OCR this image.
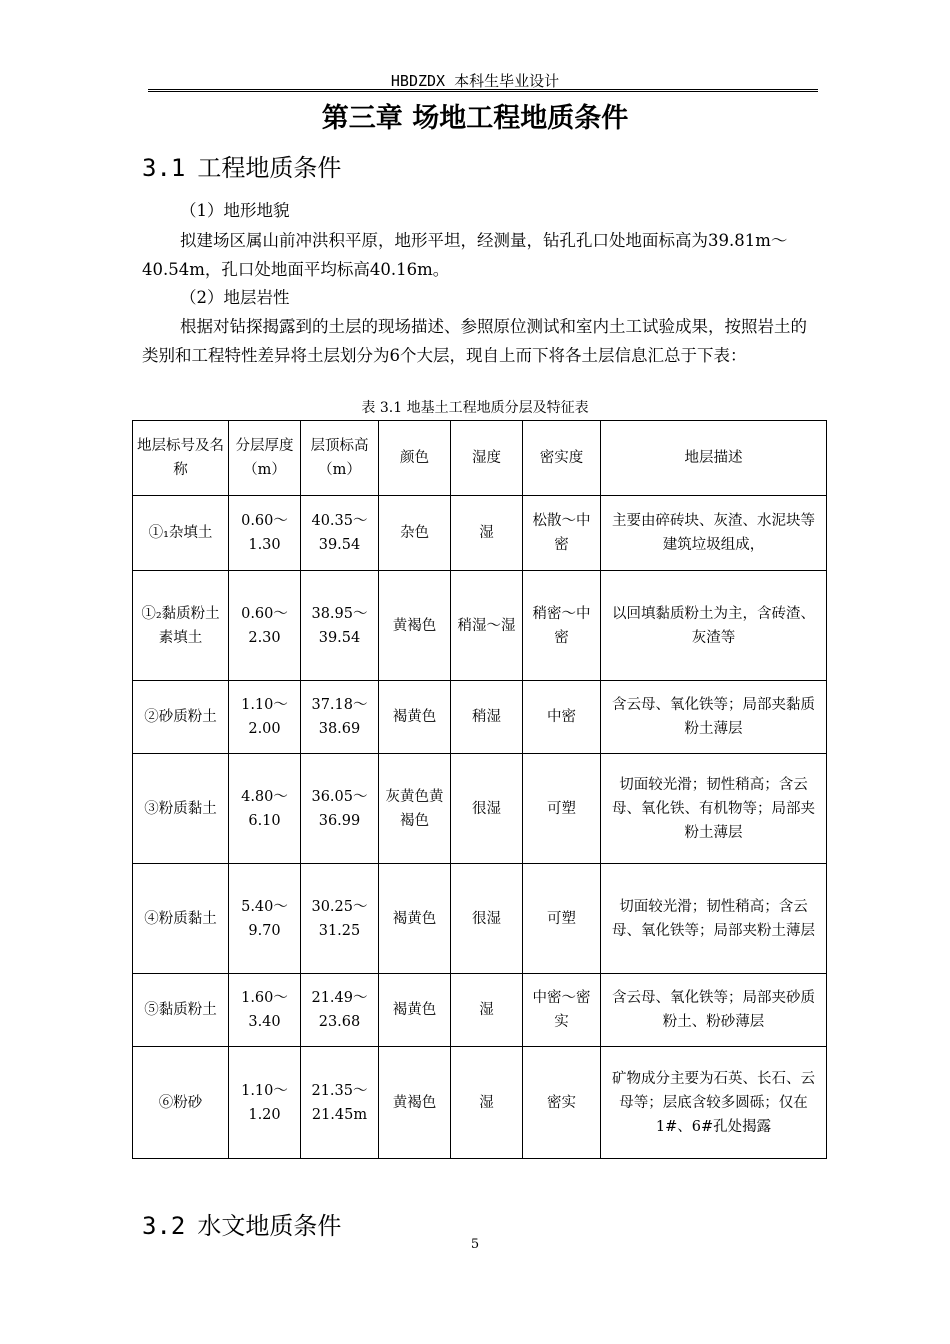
HBDZDX 本科生毕业设计
第三章 场地工程地质条件
3.1 工程地质条件
（1）地形地貌
拟建场区属山前冲洪积平原，地形平坦，经测量，钻孔孔口处地面标高为39.81m～40.54m，孔口处地面平均标高40.16m。
（2）地层岩性
根据对钻探揭露到的土层的现场描述、参照原位测试和室内土工试验成果，按照岩土的类别和工程特性差异将土层划分为6个大层，现自上而下将各土层信息汇总于下表：
表 3.1 地基土工程地质分层及特征表
地层标号及名称	分层厚度（m）	层顶标高（m）	颜色	湿度	密实度	地层描述
①₁杂填土	0.60～1.30	40.35～39.54	杂色	湿	松散～中密	主要由碎砖块、灰渣、水泥块等建筑垃圾组成，
①₂黏质粉土素填土	0.60～2.30	38.95～39.54	黄褐色	稍湿～湿	稍密～中密	以回填黏质粉土为主，含砖渣、灰渣等
②砂质粉土	1.10～2.00	37.18～38.69	褐黄色	稍湿	中密	含云母、氧化铁等；局部夹黏质粉土薄层
③粉质黏土	4.80～6.10	36.05～36.99	灰黄色黄褐色	很湿	可塑	切面较光滑；韧性稍高；含云母、氧化铁、有机物等；局部夹粉土薄层
④粉质黏土	5.40～9.70	30.25～31.25	褐黄色	很湿	可塑	切面较光滑；韧性稍高；含云母、氧化铁等；局部夹粉土薄层
⑤黏质粉土	1.60～3.40	21.49～23.68	褐黄色	湿	中密～密实	含云母、氧化铁等；局部夹砂质粉土、粉砂薄层
⑥粉砂	1.10～1.20	21.35～21.45m	黄褐色	湿	密实	矿物成分主要为石英、长石、云母等；层底含较多圆砾；仅在1#、6#孔处揭露
3.2 水文地质条件
5
